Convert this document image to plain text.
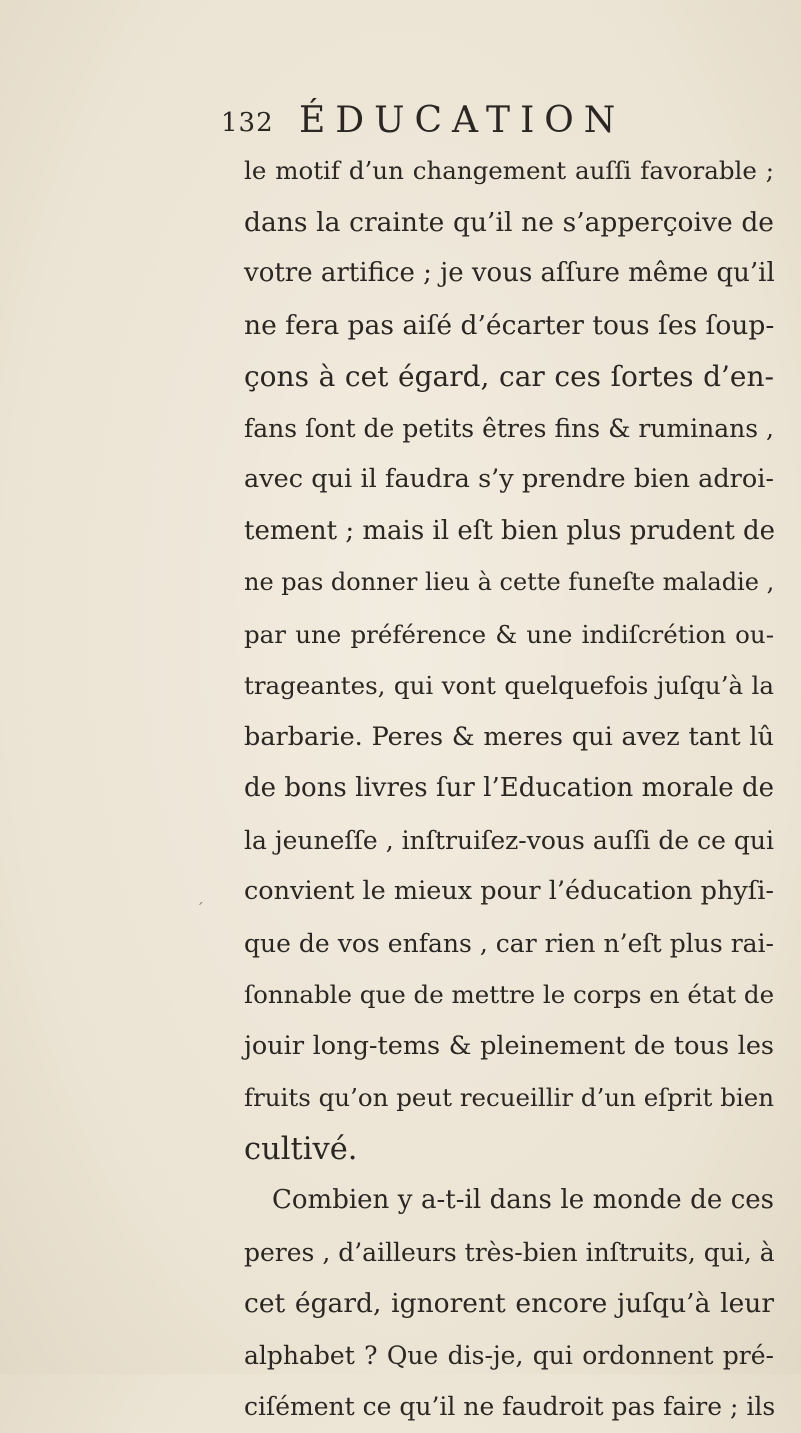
132 ÉDUCATION
le motif d’un changement auſſi favorable ;
dans la crainte qu’il ne s’apperçoive de
votre artifice ; je vous aſſure même qu’il
ne fera pas aiſé d’écarter tous ſes ſoup-
çons à cet égard, car ces ſortes d’en-
fans ſont de petits êtres fins & ruminans ,
avec qui il faudra s’y prendre bien adroi-
tement ; mais il eſt bien plus prudent de
ne pas donner lieu à cette funeſte maladie ,
par une préférence & une indiſcrétion ou-
trageantes, qui vont quelquefois juſqu’à la
barbarie. Peres & meres qui avez tant lû
de bons livres ſur l’Education morale de
la jeuneſſe , inſtruiſez-vous auſſi de ce qui
convient le mieux pour l’éducation phyſi-
que de vos enfans , car rien n’eſt plus rai-
ſonnable que de mettre le corps en état de
jouir long-tems & pleinement de tous les
fruits qu’on peut recueillir d’un eſprit bien
cultivé.
Combien y a-t-il dans le monde de ces
peres , d’ailleurs très-bien inſtruits, qui, à
cet égard, ignorent encore juſqu’à leur
alphabet ? Que dis-je, qui ordonnent pré-
ciſément ce qu’il ne faudroit pas faire ; ils
´
